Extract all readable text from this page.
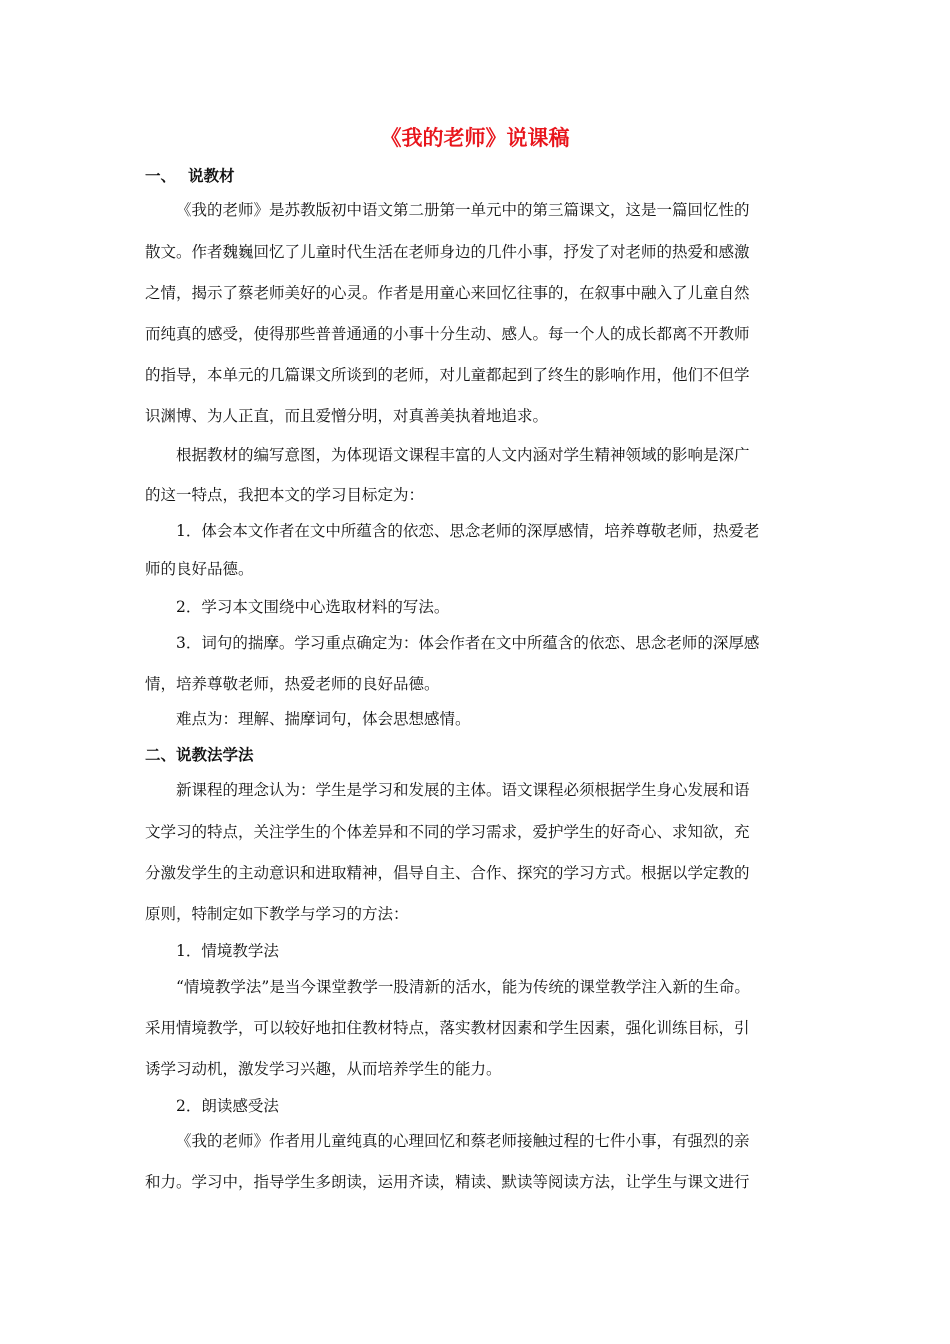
《我的老师》说课稿
一、 说教材

《我的老师》是苏教版初中语文第二册第一单元中的第三篇课文，这是一篇回忆性的

散文。作者魏巍回忆了儿童时代生活在老师身边的几件小事，抒发了对老师的热爱和感激

之情，揭示了蔡老师美好的心灵。作者是用童心来回忆往事的，在叙事中融入了儿童自然

而纯真的感受，使得那些普普通通的小事十分生动、感人。每一个人的成长都离不开教师

的指导，本单元的几篇课文所谈到的老师，对儿童都起到了终生的影响作用，他们不但学

识渊博、为人正直，而且爱憎分明，对真善美执着地追求。

根据教材的编写意图，为体现语文课程丰富的人文内涵对学生精神领域的影响是深广

的这一特点，我把本文的学习目标定为：

1．体会本文作者在文中所蕴含的依恋、思念老师的深厚感情，培养尊敬老师，热爱老

师的良好品德。

2．学习本文围绕中心选取材料的写法。

3．词句的揣摩。学习重点确定为：体会作者在文中所蕴含的依恋、思念老师的深厚感

情，培养尊敬老师，热爱老师的良好品德。

难点为：理解、揣摩词句，体会思想感情。

二、说教法学法

新课程的理念认为：学生是学习和发展的主体。语文课程必须根据学生身心发展和语

文学习的特点，关注学生的个体差异和不同的学习需求，爱护学生的好奇心、求知欲，充

分激发学生的主动意识和进取精神，倡导自主、合作、探究的学习方式。根据以学定教的

原则，特制定如下教学与学习的方法：

1．情境教学法

“情境教学法”是当今课堂教学一股清新的活水，能为传统的课堂教学注入新的生命。

采用情境教学，可以较好地扣住教材特点，落实教材因素和学生因素，强化训练目标，引

诱学习动机，激发学习兴趣，从而培养学生的能力。

2．朗读感受法

《我的老师》作者用儿童纯真的心理回忆和蔡老师接触过程的七件小事，有强烈的亲

和力。学习中，指导学生多朗读，运用齐读，精读、默读等阅读方法，让学生与课文进行
